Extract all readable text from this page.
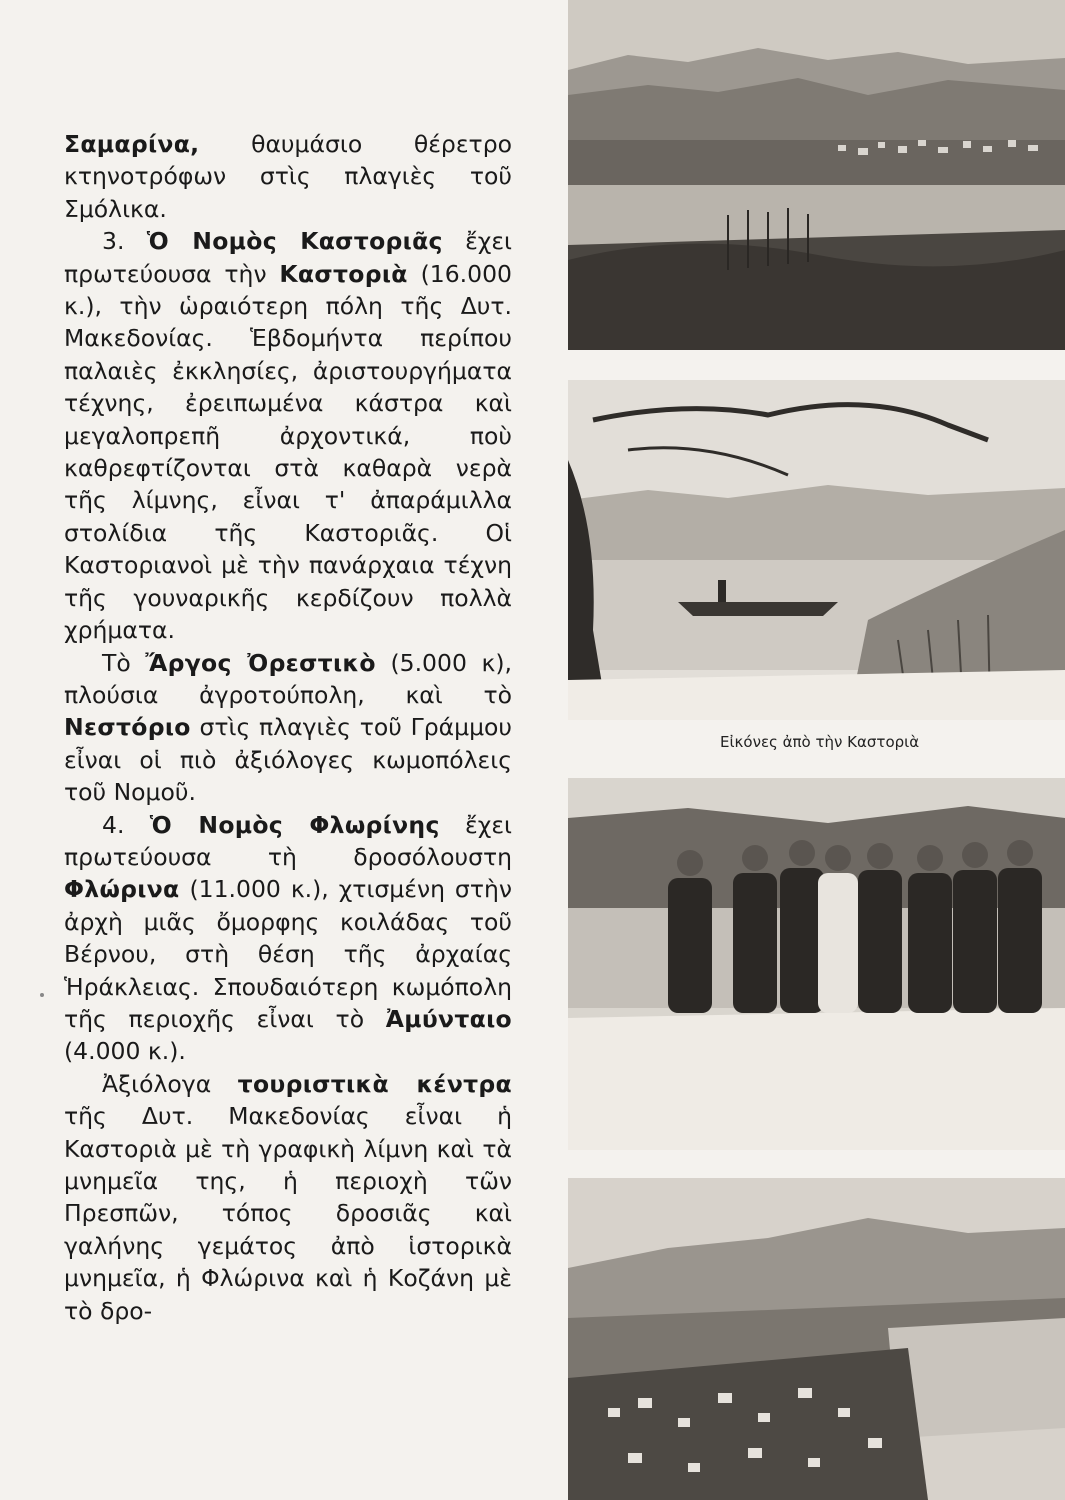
Σαμαρίνα, θαυμάσιο θέρετρο κτηνοτρόφων στὶς πλαγιὲς τοῦ Σμόλικα.

3. Ὁ Νομὸς Καστοριᾶς ἔχει πρωτεύουσα τὴν Καστοριὰ (16.000 κ.), τὴν ὡραιότερη πόλη τῆς Δυτ. Μακεδονίας. Ἑβδομήντα περίπου παλαιὲς ἐκκλησίες, ἀριστουργήματα τέχνης, ἐρειπωμένα κάστρα καὶ μεγαλοπρεπῆ ἀρχοντικά, ποὺ καθρεφτίζονται στὰ καθαρὰ νερὰ τῆς λίμνης, εἶναι τ' ἀπαράμιλλα στολίδια τῆς Καστοριᾶς. Οἱ Καστοριανοὶ μὲ τὴν πανάρχαια τέχνη τῆς γουναρικῆς κερδίζουν πολλὰ χρήματα.

Τὸ Ἄργος Ὀρεστικὸ (5.000 κ), πλούσια ἀγροτούπολη, καὶ τὸ Νεστόριο στὶς πλαγιὲς τοῦ Γράμμου εἶναι οἱ πιὸ ἀξιόλογες κωμοπόλεις τοῦ Νομοῦ.

4. Ὁ Νομὸς Φλωρίνης ἔχει πρωτεύουσα τὴ δροσόλουστη Φλώρινα (11.000 κ.), χτισμένη στὴν ἀρχὴ μιᾶς ὄμορφης κοιλάδας τοῦ Βέρνου, στὴ θέση τῆς ἀρχαίας Ἡράκλειας. Σπουδαιότερη κωμόπολη τῆς περιοχῆς εἶναι τὸ Ἀμύνταιο (4.000 κ.).

Ἀξιόλογα τουριστικὰ κέντρα τῆς Δυτ. Μακεδονίας εἶναι ἡ Καστοριὰ μὲ τὴ γραφικὴ λίμνη καὶ τὰ μνημεῖα της, ἡ περιοχὴ τῶν Πρεσπῶν, τόπος δροσιᾶς καὶ γαλήνης γεμάτος ἀπὸ ἱστορικὰ μνημεῖα, ἡ Φλώρινα καὶ ἡ Κοζάνη μὲ τὸ δρο-

Εἰκόνες ἀπὸ τὴν Καστοριὰ
